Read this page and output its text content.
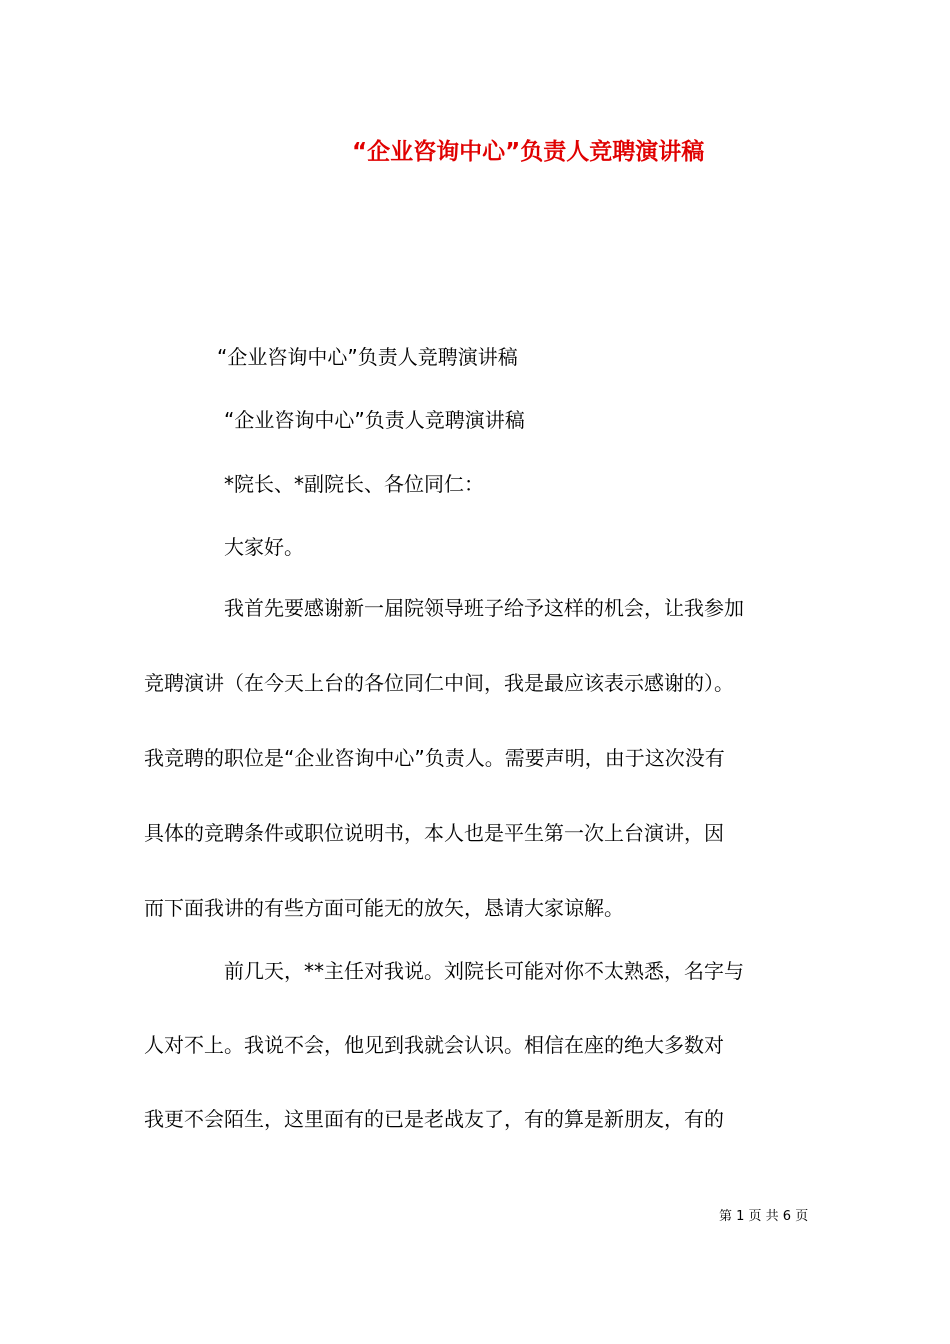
“企业咨询中心”负责人竞聘演讲稿
“企业咨询中心”负责人竞聘演讲稿
“企业咨询中心”负责人竞聘演讲稿
*院长、*副院长、各位同仁：
大家好。
我首先要感谢新一届院领导班子给予这样的机会，让我参加
竞聘演讲（在今天上台的各位同仁中间，我是最应该表示感谢的）。
我竞聘的职位是“企业咨询中心”负责人。需要声明，由于这次没有
具体的竞聘条件或职位说明书，本人也是平生第一次上台演讲，因
而下面我讲的有些方面可能无的放矢，恳请大家谅解。
前几天，**主任对我说。刘院长可能对你不太熟悉，名字与
人对不上。我说不会，他见到我就会认识。相信在座的绝大多数对
我更不会陌生，这里面有的已是老战友了，有的算是新朋友，有的
第 1 页 共 6 页
